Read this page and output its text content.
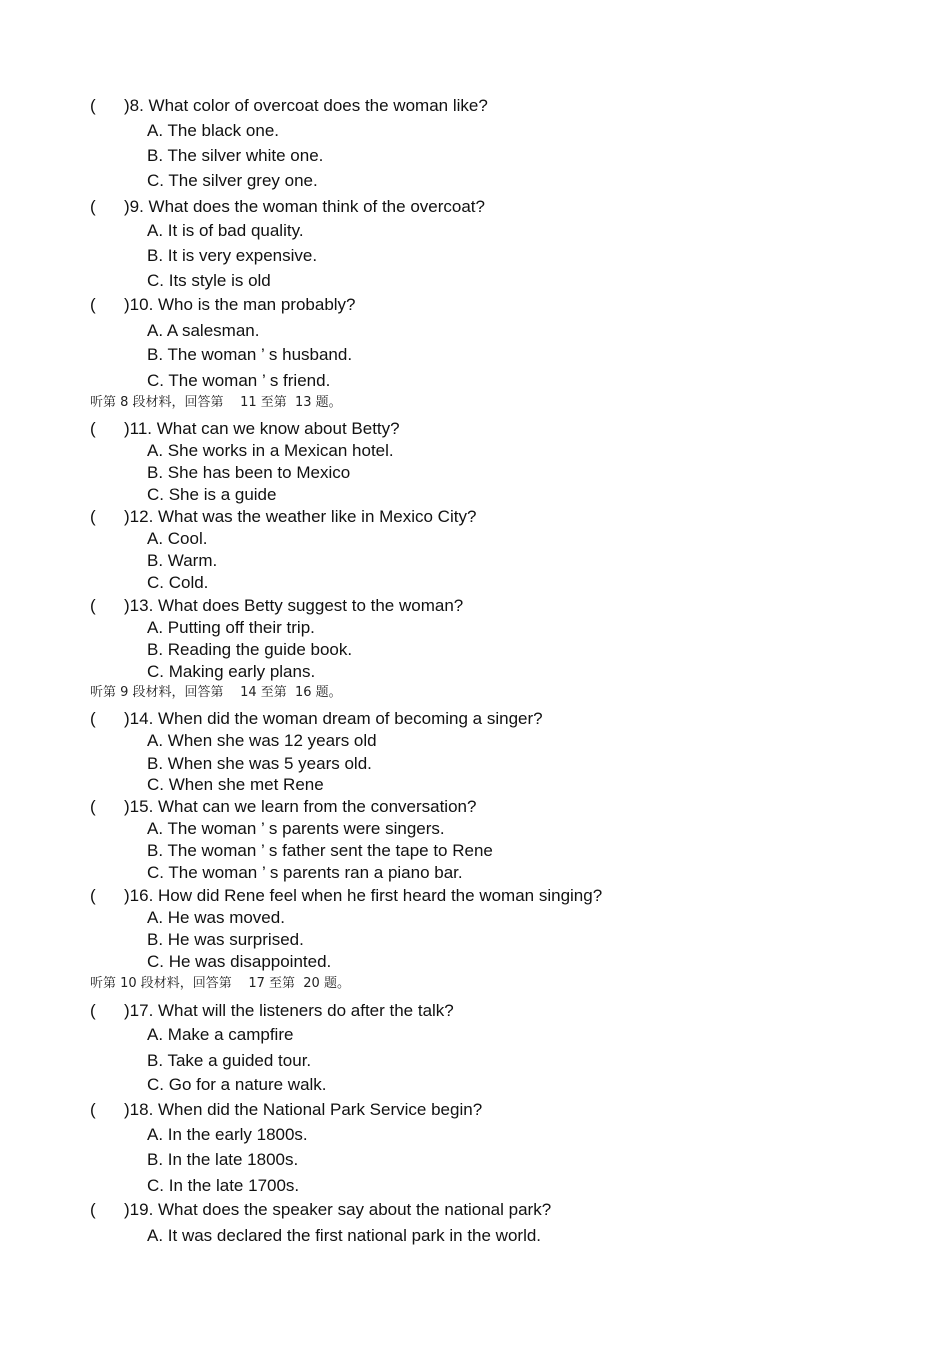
( )8. What color of overcoat does the woman like?
A. The black one.
B. The silver white one.
C. The silver grey one.
( )9. What does the woman think of the overcoat?
A. It is of bad quality.
B. It is very expensive.
C. Its style is old
( )10. Who is the man probably?
A. A salesman.
B. The woman ’ s husband.
C. The woman ’ s friend.
听第 8 段材料，回答第    11 至第  13 题。
( )11. What can we know about Betty?
A. She works in a Mexican hotel.
B. She has been to Mexico
C. She is a guide
( )12. What was the weather like in Mexico City?
A. Cool.
B. Warm.
C. Cold.
( )13. What does Betty suggest to the woman?
A. Putting off their trip.
B. Reading the guide book.
C. Making early plans.
听第 9 段材料，回答第    14 至第  16 题。
( )14. When did the woman dream of becoming a singer?
A. When she was 12 years old
B. When she was 5 years old.
C. When she met Rene
( )15. What can we learn from the conversation?
A. The woman ’ s parents were singers.
B. The woman ’ s father sent the tape to Rene
C. The woman ’ s parents ran a piano bar.
( )16. How did Rene feel when he first heard the woman singing?
A. He was moved.
B. He was surprised.
C. He was disappointed.
听第 10 段材料，回答第    17 至第  20 题。
( )17. What will the listeners do after the talk?
A. Make a campfire
B. Take a guided tour.
C. Go for a nature walk.
( )18. When did the National Park Service begin?
A. In the early 1800s.
B. In the late 1800s.
C. In the late 1700s.
( )19. What does the speaker say about the national park?
A. It was declared the first national park in the world.
